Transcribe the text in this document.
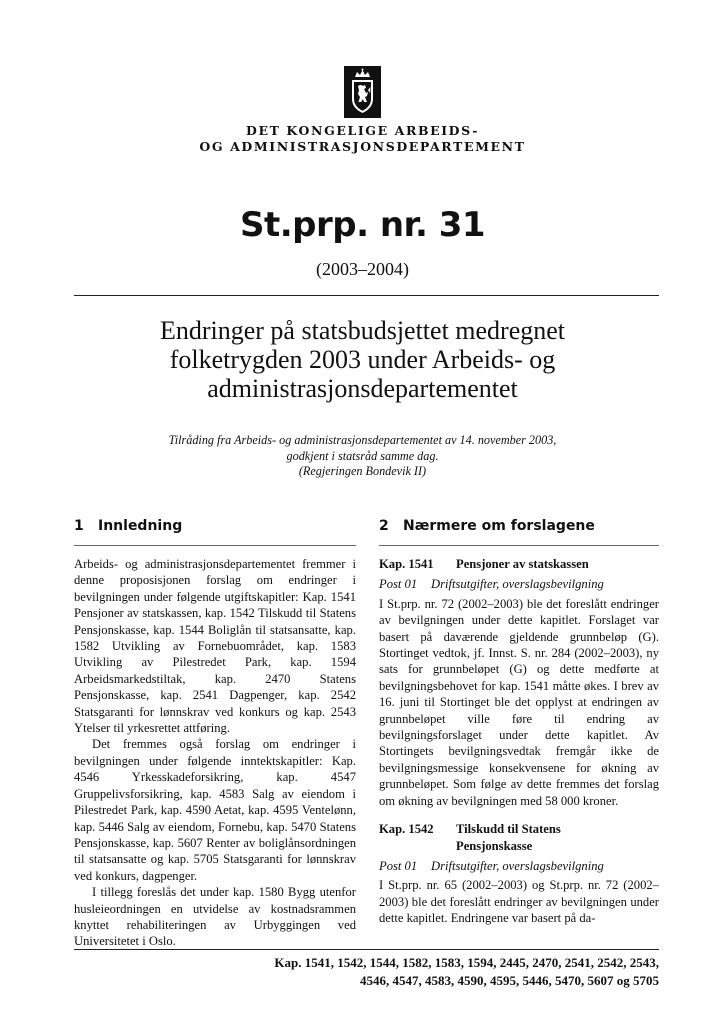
DET KONGELIGE ARBEIDS-
OG ADMINISTRASJONSDEPARTEMENT
St.prp. nr. 31
(2003–2004)
Endringer på statsbudsjettet medregnet
folketrygden 2003 under Arbeids- og
administrasjonsdepartementet
Tilråding fra Arbeids- og administrasjonsdepartementet av 14. november 2003,
godkjent i statsråd samme dag.
(Regjeringen Bondevik II)
1 Innledning

Arbeids- og administrasjonsdepartementet fremmer i denne proposisjonen forslag om endringer i bevilgningen under følgende utgiftskapitler: Kap. 1541 Pensjoner av statskassen, kap. 1542 Tilskudd til Statens Pensjonskasse, kap. 1544 Boliglån til statsansatte, kap. 1582 Utvikling av Fornebuområdet, kap. 1583 Utvikling av Pilestredet Park, kap. 1594 Arbeidsmarkedstiltak, kap. 2470 Statens Pensjonskasse, kap. 2541 Dagpenger, kap. 2542 Statsgaranti for lønnskrav ved konkurs og kap. 2543 Ytelser til yrkesrettet attføring.

Det fremmes også forslag om endringer i bevilgningen under følgende inntektskapitler: Kap. 4546 Yrkesskadeforsikring, kap. 4547 Gruppelivsforsikring, kap. 4583 Salg av eiendom i Pilestredet Park, kap. 4590 Aetat, kap. 4595 Ventelønn, kap. 5446 Salg av eiendom, Fornebu, kap. 5470 Statens Pensjonskasse, kap. 5607 Renter av boliglånsordningen til statsansatte og kap. 5705 Statsgaranti for lønnskrav ved konkurs, dagpenger.

I tillegg foreslås det under kap. 1580 Bygg utenfor husleieordningen en utvidelse av kostnadsrammen knyttet rehabiliteringen av Urbyggingen ved Universitetet i Oslo.

2 Nærmere om forslagene
Kap. 1541	Pensjoner av statskassen
Post 01	Driftsutgifter, overslagsbevilgning

I St.prp. nr. 72 (2002–2003) ble det foreslått endringer av bevilgningen under dette kapitlet. Forslaget var basert på daværende gjeldende grunnbeløp (G). Stortinget vedtok, jf. Innst. S. nr. 284 (2002–2003), ny sats for grunnbeløpet (G) og dette medførte at bevilgningsbehovet for kap. 1541 måtte økes. I brev av 16. juni til Stortinget ble det opplyst at endringen av grunnbeløpet ville føre til endring av bevilgningsforslaget under dette kapitlet. Av Stortingets bevilgningsvedtak fremgår ikke de bevilgningsmessige konsekvensene for økning av grunnbeløpet. Som følge av dette fremmes det forslag om økning av bevilgningen med 58 000 kroner.

Kap. 1542	Tilskudd til Statens
Pensjonskasse
Post 01	Driftsutgifter, overslagsbevilgning

I St.prp. nr. 65 (2002–2003) og St.prp. nr. 72 (2002–2003) ble det foreslått endringer av bevilgningen under dette kapitlet. Endringene var basert på da-

Kap. 1541, 1542, 1544, 1582, 1583, 1594, 2445, 2470, 2541, 2542, 2543,
4546, 4547, 4583, 4590, 4595, 5446, 5470, 5607 og 5705
